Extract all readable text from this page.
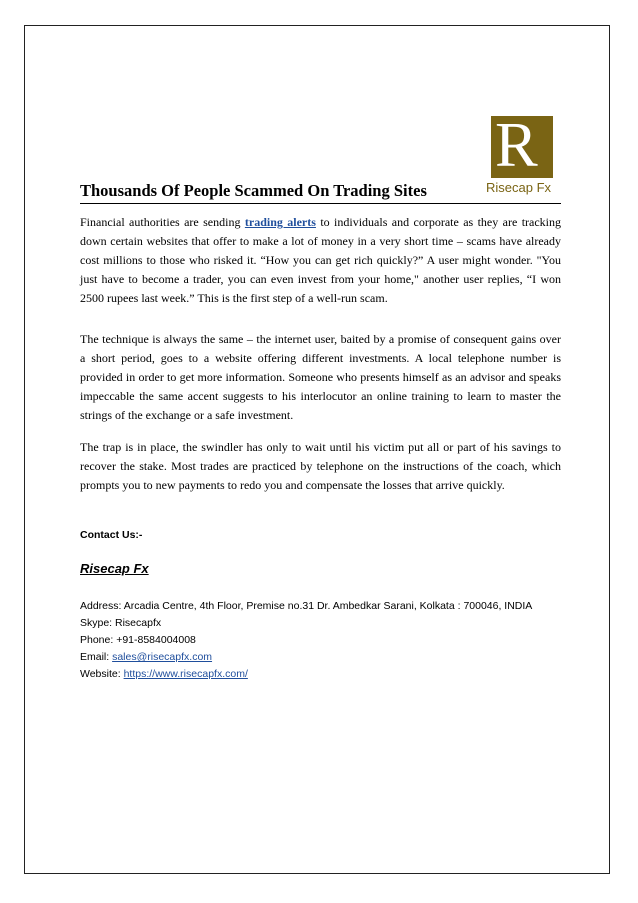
R
Risecap Fx
Thousands Of People Scammed On Trading Sites

Financial authorities are sending trading alerts to individuals and corporate as they are tracking down certain websites that offer to make a lot of money in a very short time – scams have already cost millions to those who risked it. “How you can get rich quickly?” A user might wonder. "You just have to become a trader, you can even invest from your home," another user replies, “I won 2500 rupees last week.” This is the first step of a well-run scam.

The technique is always the same – the internet user, baited by a promise of consequent gains over a short period, goes to a website offering different investments. A local telephone number is provided in order to get more information. Someone who presents himself as an advisor and speaks impeccable the same accent suggests to his interlocutor an online training to learn to master the strings of the exchange or a safe investment.

The trap is in place, the swindler has only to wait until his victim put all or part of his savings to recover the stake. Most trades are practiced by telephone on the instructions of the coach, which prompts you to new payments to redo you and compensate the losses that arrive quickly.

Contact Us:-
Risecap Fx
Address: Arcadia Centre, 4th Floor, Premise no.31 Dr. Ambedkar Sarani, Kolkata : 700046, INDIA
Skype: Risecapfx
Phone: +91-8584004008
Email: sales@risecapfx.com
Website: https://www.risecapfx.com/
